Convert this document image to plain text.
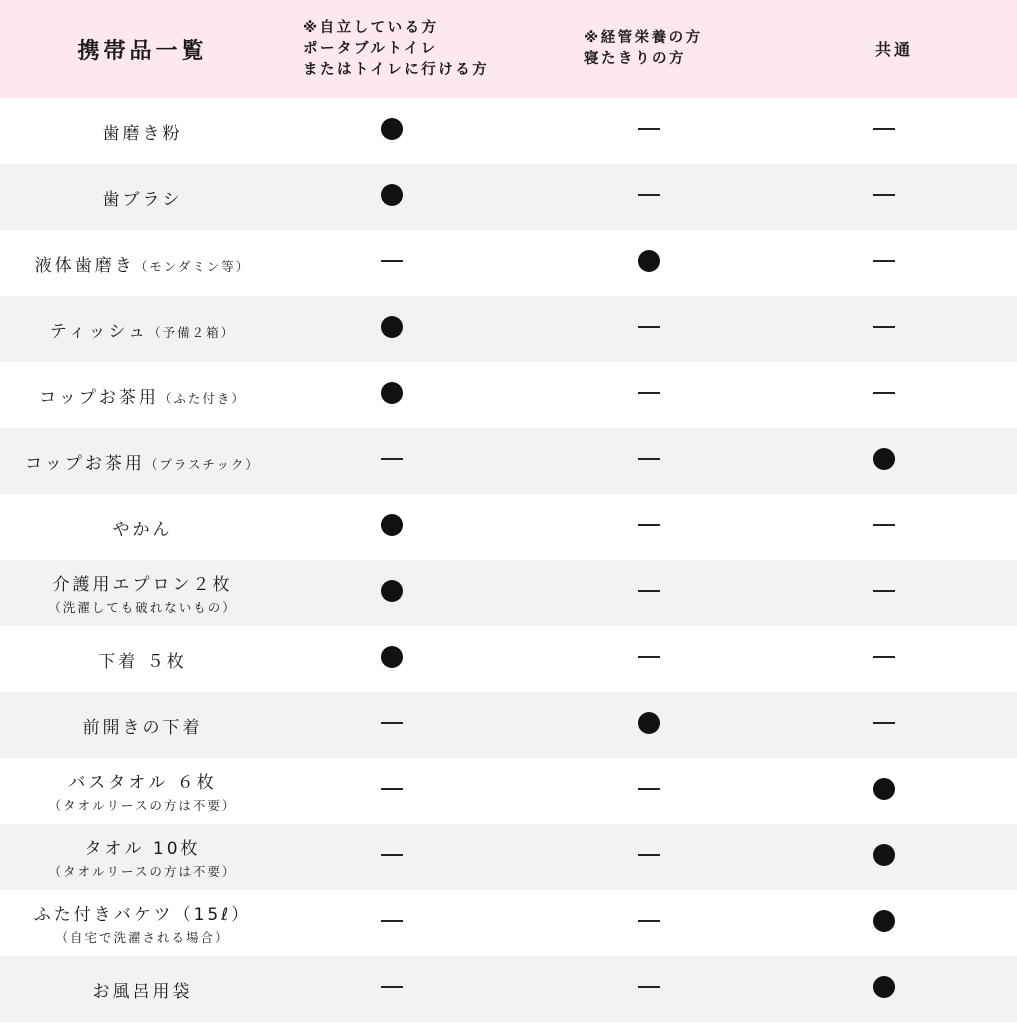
携帯品一覧
※自立している方
ポータブルトイレ
またはトイレに行ける方
※経管栄養の方
寝たきりの方
共通
歯磨き粉
歯ブラシ
液体歯磨き（モンダミン等）
ティッシュ（予備２箱）
コップお茶用（ふた付き）
コップお茶用（プラスチック）
やかん
介護用エプロン２枚
（洗濯しても破れないもの）
下着 ５枚
前開きの下着
バスタオル ６枚
（タオルリースの方は不要）
タオル 10枚
（タオルリースの方は不要）
ふた付きバケツ（15ℓ）
（自宅で洗濯される場合）
お風呂用袋
